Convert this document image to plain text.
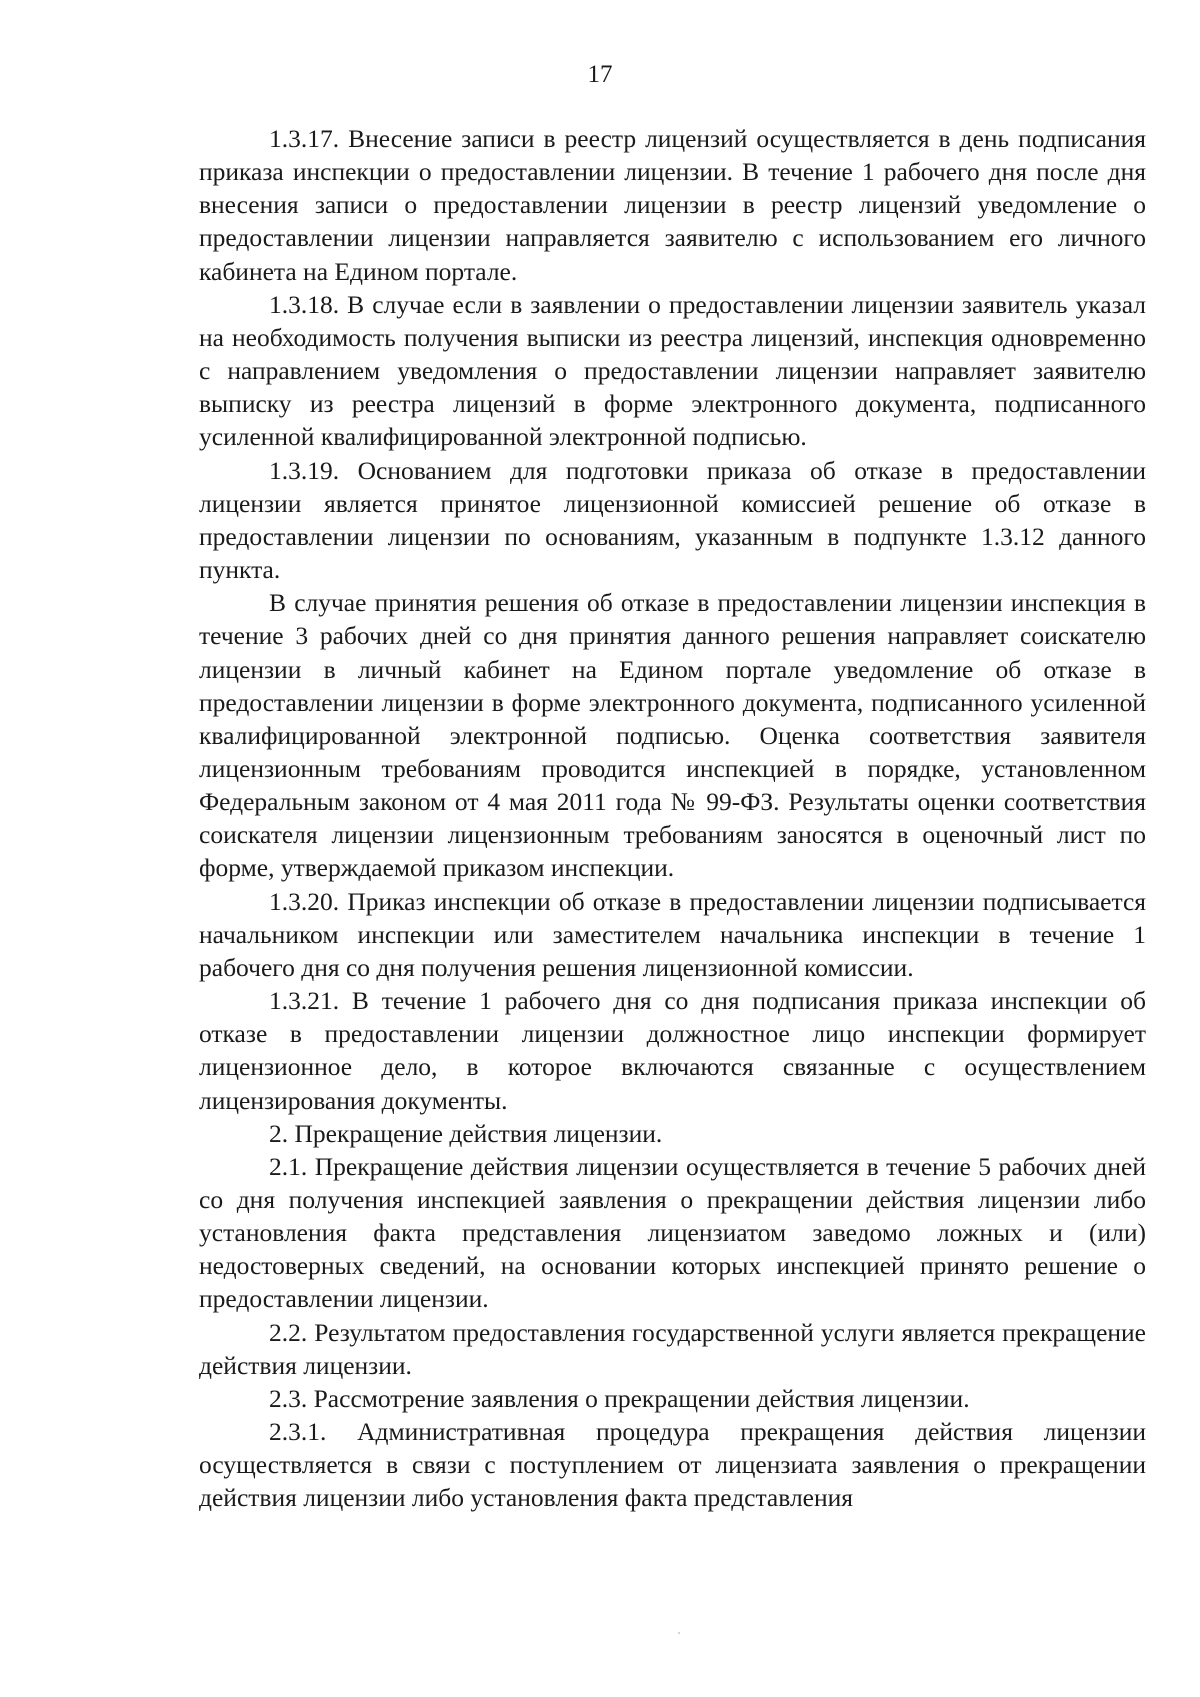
17

1.3.17. Внесение записи в реестр лицензий осуществляется в день подписания приказа инспекции о предоставлении лицензии. В течение 1 рабочего дня после дня внесения записи о предоставлении лицензии в реестр лицензий уведомление о предоставлении лицензии направляется заявителю с использованием его личного кабинета на Едином портале.

1.3.18. В случае если в заявлении о предоставлении лицензии заявитель указал на необходимость получения выписки из реестра лицензий, инспекция одновременно с направлением уведомления о предоставлении лицензии направляет заявителю выписку из реестра лицензий в форме электронного документа, подписанного усиленной квалифицированной электронной подписью.

1.3.19. Основанием для подготовки приказа об отказе в предоставлении лицензии является принятое лицензионной комиссией решение об отказе в предоставлении лицензии по основаниям, указанным в подпункте 1.3.12 данного пункта.

В случае принятия решения об отказе в предоставлении лицензии инспекция в течение 3 рабочих дней со дня принятия данного решения направляет соискателю лицензии в личный кабинет на Едином портале уведомление об отказе в предоставлении лицензии в форме электронного документа, подписанного усиленной квалифицированной электронной подписью. Оценка соответствия заявителя лицензионным требованиям проводится инспекцией в порядке, установленном Федеральным законом от 4 мая 2011 года № 99-ФЗ. Результаты оценки соответствия соискателя лицензии лицензионным требованиям заносятся в оценочный лист по форме, утверждаемой приказом инспекции.

1.3.20. Приказ инспекции об отказе в предоставлении лицензии подписывается начальником инспекции или заместителем начальника инспекции в течение 1 рабочего дня со дня получения решения лицензионной комиссии.

1.3.21. В течение 1 рабочего дня со дня подписания приказа инспекции об отказе в предоставлении лицензии должностное лицо инспекции формирует лицензионное дело, в которое включаются связанные с осуществлением лицензирования документы.

2. Прекращение действия лицензии.

2.1. Прекращение действия лицензии осуществляется в течение 5 рабочих дней со дня получения инспекцией заявления о прекращении действия лицензии либо установления факта представления лицензиатом заведомо ложных и (или) недостоверных сведений, на основании которых инспекцией принято решение о предоставлении лицензии.

2.2. Результатом предоставления государственной услуги является прекращение действия лицензии.

2.3. Рассмотрение заявления о прекращении действия лицензии.

2.3.1. Административная процедура прекращения действия лицензии осуществляется в связи с поступлением от лицензиата заявления о прекращении действия лицензии либо установления факта представления
